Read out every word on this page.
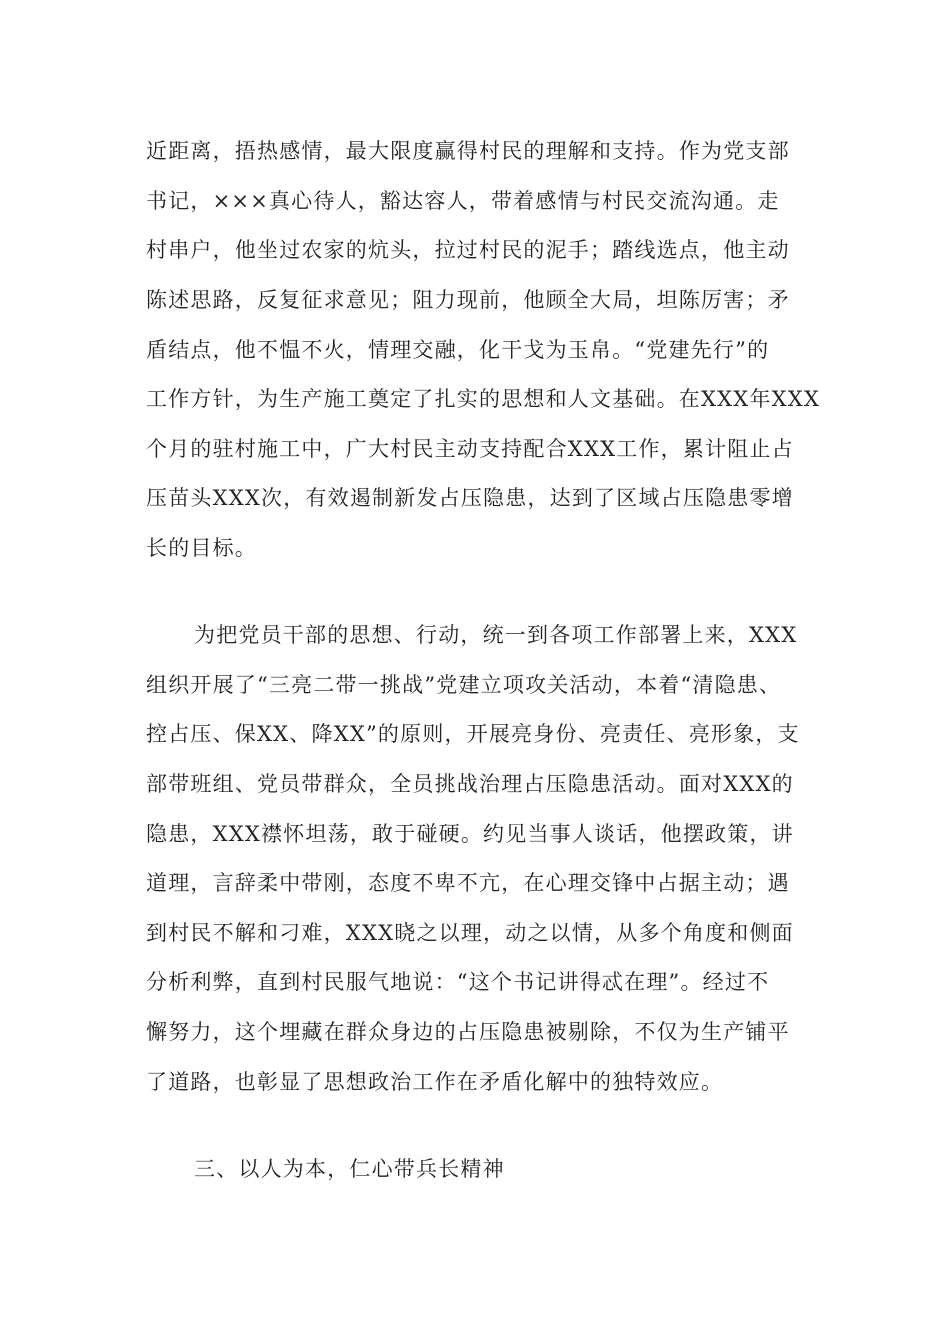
近距离，捂热感情，最大限度赢得村民的理解和支持。作为党支部
书记，×××真心待人，豁达容人，带着感情与村民交流沟通。走
村串户，他坐过农家的炕头，拉过村民的泥手；踏线选点，他主动
陈述思路，反复征求意见；阻力现前，他顾全大局，坦陈厉害；矛
盾结点，他不愠不火，情理交融，化干戈为玉帛。“党建先行”的
工作方针，为生产施工奠定了扎实的思想和人文基础。在XXX年XXX
个月的驻村施工中，广大村民主动支持配合XXX工作，累计阻止占
压苗头XXX次，有效遏制新发占压隐患，达到了区域占压隐患零增
长的目标。
为把党员干部的思想、行动，统一到各项工作部署上来，XXX
组织开展了“三亮二带一挑战”党建立项攻关活动，本着“清隐患、
控占压、保XX、降XX”的原则，开展亮身份、亮责任、亮形象，支
部带班组、党员带群众，全员挑战治理占压隐患活动。面对XXX的
隐患，XXX襟怀坦荡，敢于碰硬。约见当事人谈话，他摆政策，讲
道理，言辞柔中带刚，态度不卑不亢，在心理交锋中占据主动；遇
到村民不解和刁难，XXX晓之以理，动之以情，从多个角度和侧面
分析利弊，直到村民服气地说：“这个书记讲得忒在理”。经过不
懈努力，这个埋藏在群众身边的占压隐患被剔除，不仅为生产铺平
了道路，也彰显了思想政治工作在矛盾化解中的独特效应。
三、以人为本，仁心带兵长精神
